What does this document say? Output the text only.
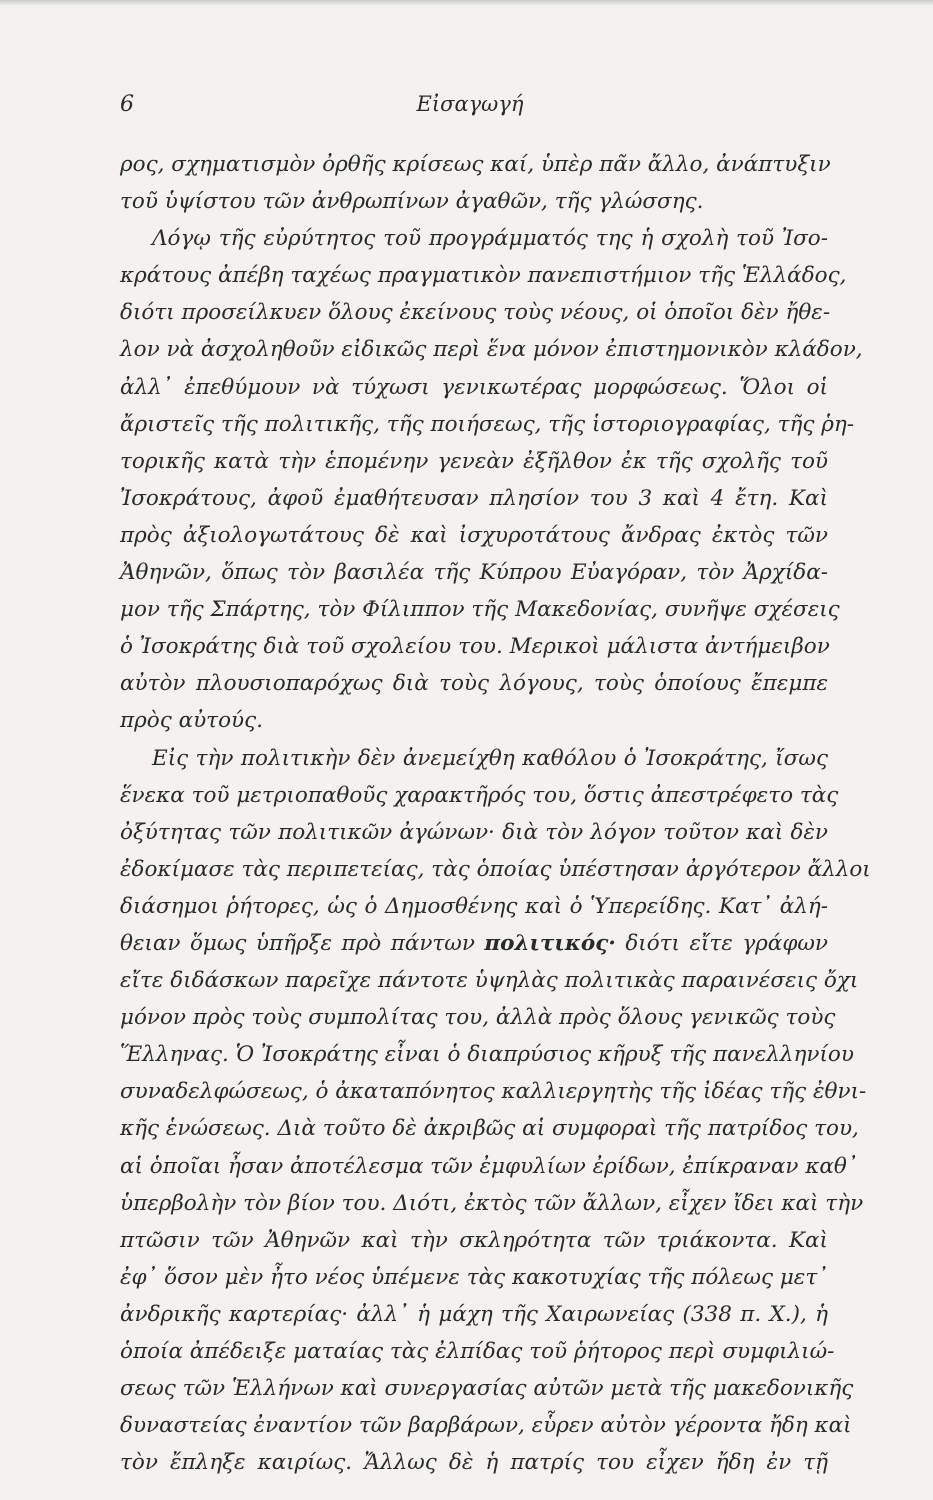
6	Εἰσαγωγή
ρος, σχηματισμὸν ὀρθῆς κρίσεως καί, ὑπὲρ πᾶν ἄλλο, ἀνάπτυξιν
τοῦ ὑψίστου τῶν ἀνθρωπίνων ἀγαθῶν, τῆς γλώσσης.
Λόγῳ τῆς εὐρύτητος τοῦ προγράμματός της ἡ σχολὴ τοῦ Ἰσο-
κράτους ἀπέβη ταχέως πραγματικὸν πανεπιστήμιον τῆς Ἑλλάδος,
διότι προσείλκυεν ὅλους ἐκείνους τοὺς νέους, οἱ ὁποῖοι δὲν ἤθε-
λον νὰ ἀσχοληθοῦν εἰδικῶς περὶ ἕνα μόνον ἐπιστημονικὸν κλάδον,
ἀλλ᾽ ἐπεθύμουν νὰ τύχωσι γενικωτέρας μορφώσεως. Ὅλοι οἱ
ἄριστεῖς τῆς πολιτικῆς, τῆς ποιήσεως, τῆς ἱστοριογραφίας, τῆς ῥη-
τορικῆς κατὰ τὴν ἑπομένην γενεὰν ἐξῆλθον ἐκ τῆς σχολῆς τοῦ
Ἰσοκράτους, ἀφοῦ ἐμαθήτευσαν πλησίον του 3 καὶ 4 ἔτη. Καὶ
πρὸς ἀξιολογωτάτους δὲ καὶ ἰσχυροτάτους ἄνδρας ἐκτὸς τῶν
Ἀθηνῶν, ὅπως τὸν βασιλέα τῆς Κύπρου Εὐαγόραν, τὸν Ἀρχίδα-
μον τῆς Σπάρτης, τὸν Φίλιππον τῆς Μακεδονίας, συνῆψε σχέσεις
ὁ Ἰσοκράτης διὰ τοῦ σχολείου του. Μερικοὶ μάλιστα ἀντήμειβον
αὐτὸν πλουσιοπαρόχως διὰ τοὺς λόγους, τοὺς ὁποίους ἔπεμπε
πρὸς αὐτούς.
Εἰς τὴν πολιτικὴν δὲν ἀνεμείχθη καθόλου ὁ Ἰσοκράτης, ἴσως
ἕνεκα τοῦ μετριοπαθοῦς χαρακτῆρός του, ὅστις ἀπεστρέφετο τὰς
ὀξύτητας τῶν πολιτικῶν ἀγώνων· διὰ τὸν λόγον τοῦτον καὶ δὲν
ἐδοκίμασε τὰς περιπετείας, τὰς ὁποίας ὑπέστησαν ἀργότερον ἄλλοι
διάσημοι ῥήτορες, ὡς ὁ Δημοσθένης καὶ ὁ Ὑπερείδης. Κατ᾽ ἀλή-
θειαν ὅμως ὑπῆρξε πρὸ πάντων πολιτικός· διότι εἴτε γράφων
εἴτε διδάσκων παρεῖχε πάντοτε ὑψηλὰς πολιτικὰς παραινέσεις ὄχι
μόνον πρὸς τοὺς συμπολίτας του, ἀλλὰ πρὸς ὅλους γενικῶς τοὺς
Ἕλληνας. Ὁ Ἰσοκράτης εἶναι ὁ διαπρύσιος κῆρυξ τῆς πανελληνίου
συναδελφώσεως, ὁ ἀκαταπόνητος καλλιεργητὴς τῆς ἰδέας τῆς ἐθνι-
κῆς ἑνώσεως. Διὰ τοῦτο δὲ ἀκριβῶς αἱ συμφοραὶ τῆς πατρίδος του,
αἱ ὁποῖαι ἦσαν ἀποτέλεσμα τῶν ἐμφυλίων ἐρίδων, ἐπίκραναν καθ᾽
ὑπερβολὴν τὸν βίον του. Διότι, ἐκτὸς τῶν ἄλλων, εἶχεν ἴδει καὶ τὴν
πτῶσιν τῶν Ἀθηνῶν καὶ τὴν σκληρότητα τῶν τριάκοντα. Καὶ
ἐφ᾽ ὅσον μὲν ἦτο νέος ὑπέμενε τὰς κακοτυχίας τῆς πόλεως μετ᾽
ἀνδρικῆς καρτερίας· ἀλλ᾽ ἡ μάχη τῆς Χαιρωνείας (338 π. Χ.), ἡ
ὁποία ἀπέδειξε ματαίας τὰς ἐλπίδας τοῦ ῥήτορος περὶ συμφιλιώ-
σεως τῶν Ἑλλήνων καὶ συνεργασίας αὐτῶν μετὰ τῆς μακεδονικῆς
δυναστείας ἐναντίον τῶν βαρβάρων, εὗρεν αὐτὸν γέροντα ἤδη καὶ
τὸν ἔπληξε καιρίως. Ἄλλως δὲ ἡ πατρίς του εἶχεν ἤδη ἐν τῇ
